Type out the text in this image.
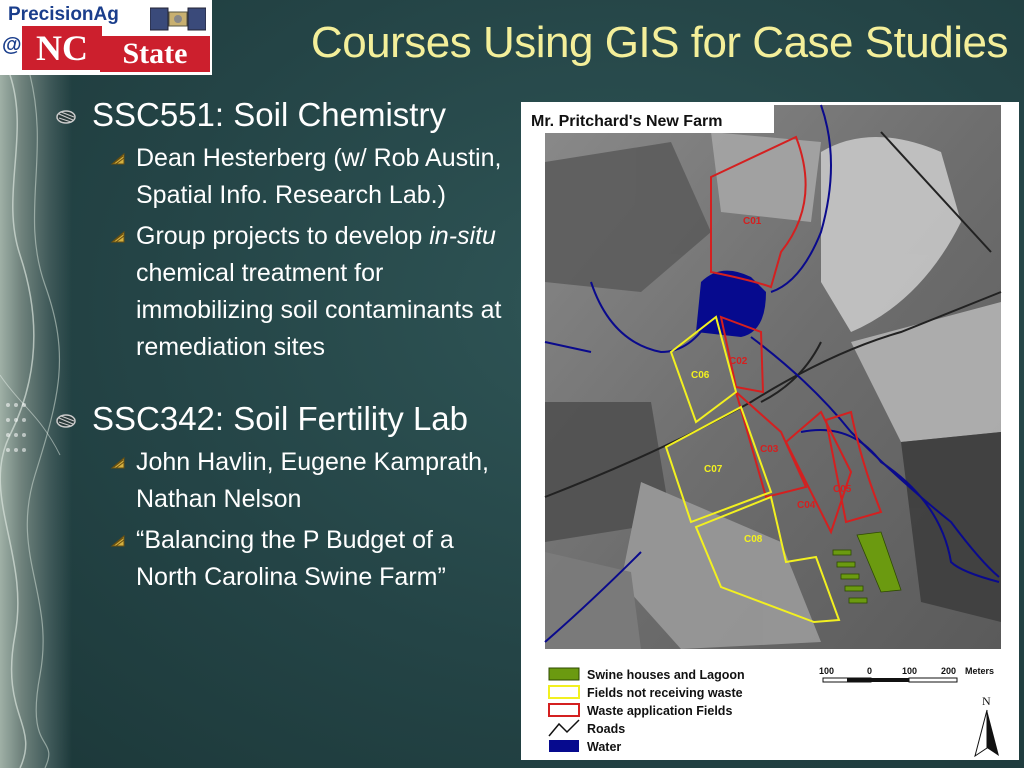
PrecisionAg
@ NC	State	Courses Using GIS for Case Studies
SSC551: Soil Chemistry
Dean Hesterberg (w/ Rob Austin, Spatial Info. Research Lab.)
Group projects to develop in-situ chemical treatment for immobilizing soil contaminants at remediation sites
SSC342: Soil Fertility Lab
John Havlin, Eugene Kamprath, Nathan Nelson
“Balancing the P Budget of a North Carolina Swine Farm”
C01
C02
C03
C04
C05
C06
C07
C08
Mr. Pritchard's New Farm
Swine houses and Lagoon
Fields not receiving waste
Waste application Fields
Roads
Water
100	0	100	200 Meters
N
